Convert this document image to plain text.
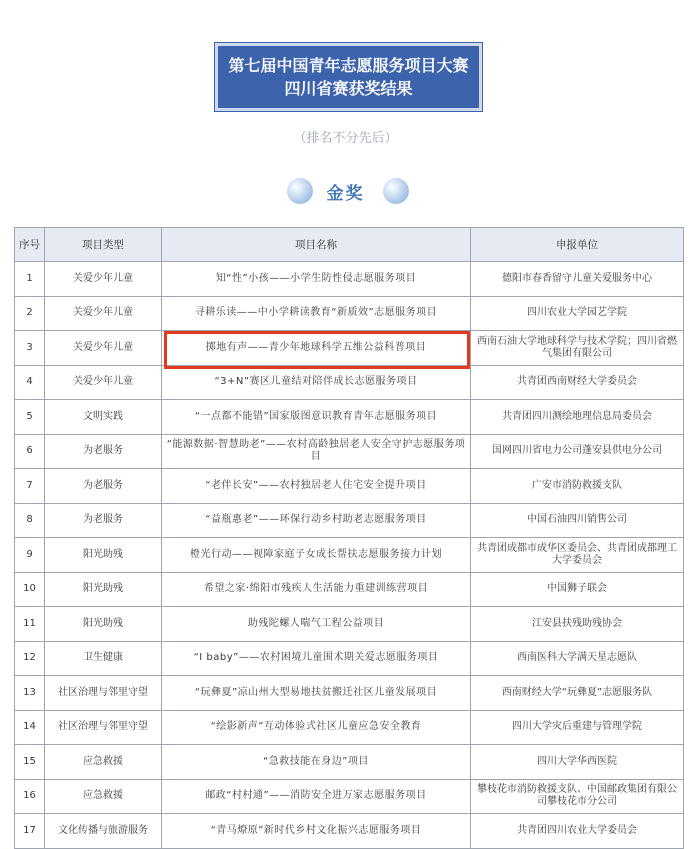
第七届中国青年志愿服务项目大赛
四川省赛获奖结果
（排名不分先后）
金奖
序号	项目类型	项目名称	申报单位
1	关爱少年儿童	知“性”小孩——小学生防性侵志愿服务项目	德阳市春香留守儿童关爱服务中心
2	关爱少年儿童	寻耕乐读——中小学耕读教育“新质效”志愿服务项目	四川农业大学园艺学院
3	关爱少年儿童	掷地有声——青少年地球科学五维公益科普项目	西南石油大学地球科学与技术学院；四川省燃气集团有限公司
4	关爱少年儿童	“3+N”赛区儿童结对陪伴成长志愿服务项目	共青团西南财经大学委员会
5	文明实践	“一点都不能错”国家版图意识教育青年志愿服务项目	共青团四川测绘地理信息局委员会
6	为老服务	“能源数据·智慧助老”——农村高龄独居老人安全守护志愿服务项目	国网四川省电力公司蓬安县供电分公司
7	为老服务	“老伴长安”——农村独居老人住宅安全提升项目	广安市消防救援支队
8	为老服务	“益瓶惠老”——环保行动乡村助老志愿服务项目	中国石油四川销售公司
9	阳光助残	橙光行动——视障家庭子女成长帮扶志愿服务接力计划	共青团成都市成华区委员会、共青团成都理工大学委员会
10	阳光助残	希望之家·绵阳市残疾人生活能力重建训练营项目	中国狮子联会
11	阳光助残	助残陀螺人喘气工程公益项目	江安县扶残助残协会
12	卫生健康	“I baby”——农村困境儿童围术期关爱志愿服务项目	西南医科大学满天星志愿队
13	社区治理与邻里守望	“玩彝夏”凉山州大型易地扶贫搬迁社区儿童发展项目	西南财经大学“玩彝夏”志愿服务队
14	社区治理与邻里守望	“绘影新声”互动体验式社区儿童应急安全教育	四川大学灾后重建与管理学院
15	应急救援	“急救技能在身边”项目	四川大学华西医院
16	应急救援	邮政“村村通”——消防安全进万家志愿服务项目	攀枝花市消防救援支队、中国邮政集团有限公司攀枝花市分公司
17	文化传播与旅游服务	“青马燎原”新时代乡村文化振兴志愿服务项目	共青团四川农业大学委员会
